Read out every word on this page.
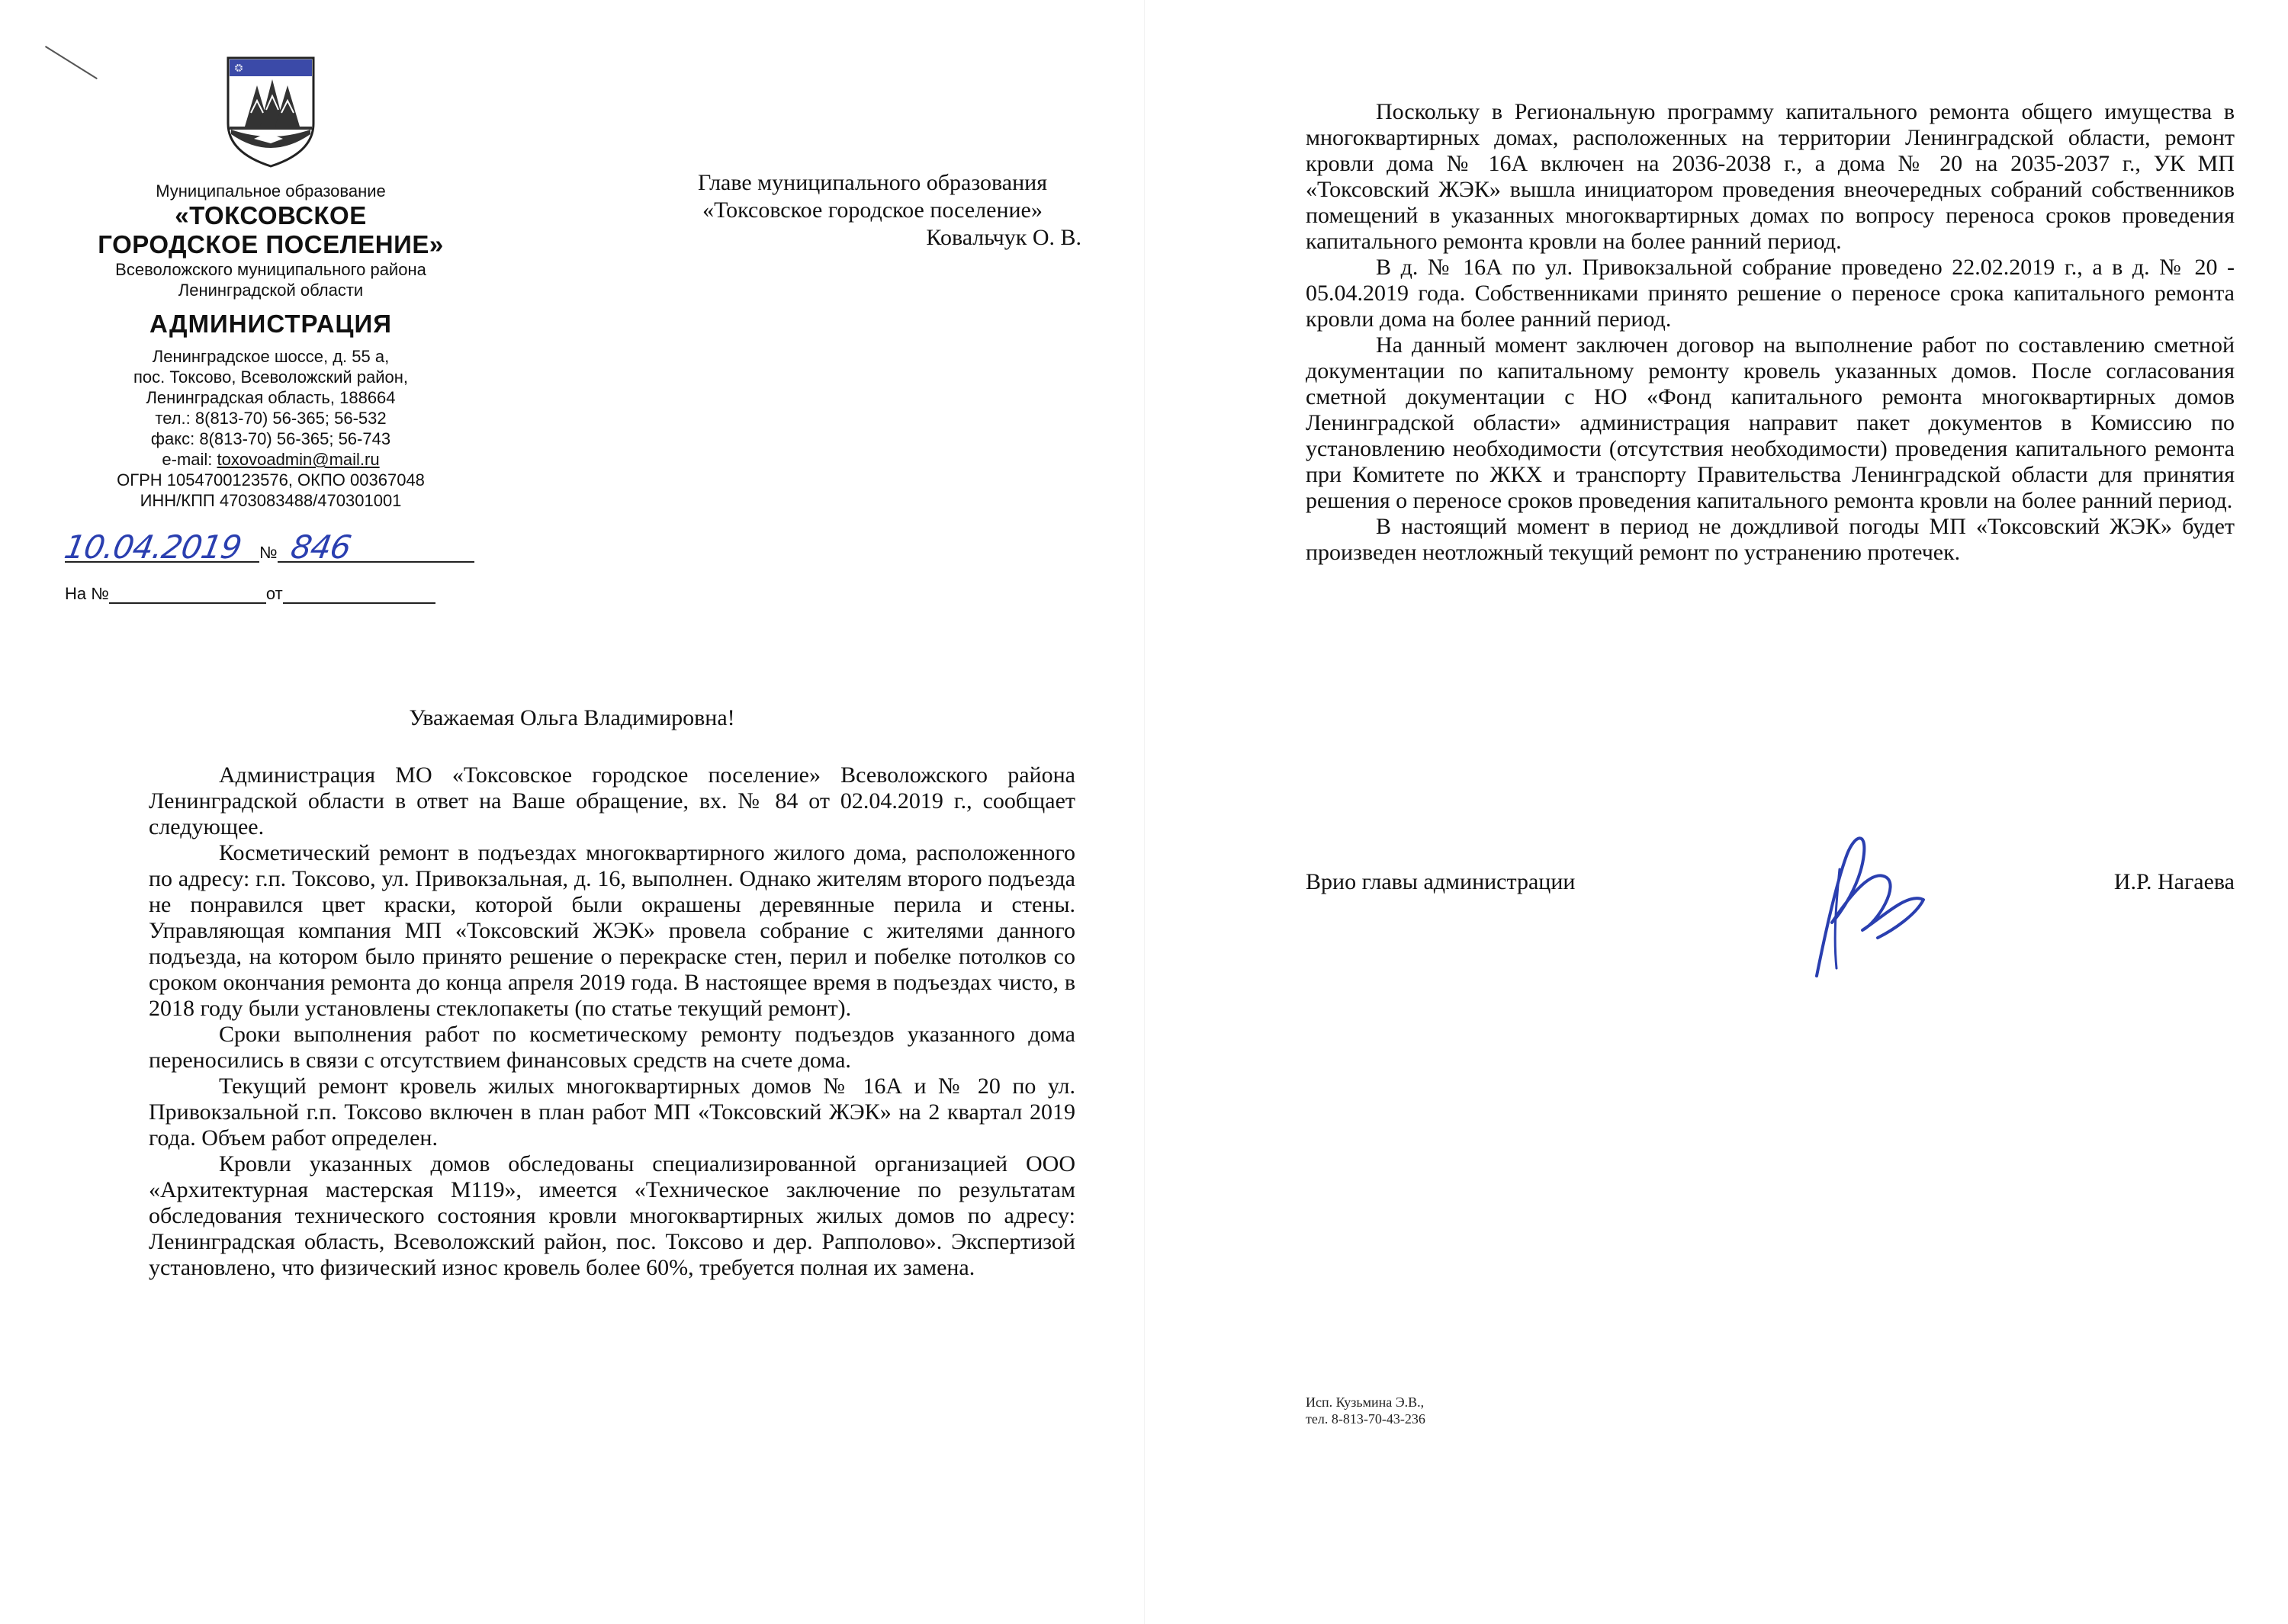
Муниципальное образование
«ТОКСОВСКОЕ
ГОРОДСКОЕ ПОСЕЛЕНИЕ»
Всеволожского муниципального района
Ленинградской области
АДМИНИСТРАЦИЯ
Ленинградское шоссе, д. 55 а,
пос. Токсово, Всеволожский район,
Ленинградская область, 188664
тел.: 8(813-70) 56-365; 56-532
факс: 8(813-70) 56-365; 56-743
e-mail: toxovoadmin@mail.ru
ОГРН 1054700123576, ОКПО 00367048
ИНН/КПП 4703083488/470301001
10.04.2019 № 846
На №	от
Главе муниципального образования
«Токсовское городское поселение»
Ковальчук О. В.
Уважаемая Ольга Владимировна!

Администрация МО «Токсовское городское поселение» Всеволожского района Ленинградской области в ответ на Ваше обращение, вх. № 84 от 02.04.2019 г., сообщает следующее.

Косметический ремонт в подъездах многоквартирного жилого дома, расположенного по адресу: г.п. Токсово, ул. Привокзальная, д. 16, выполнен. Однако жителям второго подъезда не понравился цвет краски, которой были окрашены деревянные перила и стены. Управляющая компания МП «Токсовский ЖЭК» провела собрание с жителями данного подъезда, на котором было принято решение о перекраске стен, перил и побелке потолков со сроком окончания ремонта до конца апреля 2019 года. В настоящее время в подъездах чисто, в 2018 году были установлены стеклопакеты (по статье текущий ремонт).

Сроки выполнения работ по косметическому ремонту подъездов указанного дома переносились в связи с отсутствием финансовых средств на счете дома.

Текущий ремонт кровель жилых многоквартирных домов № 16А и № 20 по ул. Привокзальной г.п. Токсово включен в план работ МП «Токсовский ЖЭК» на 2 квартал 2019 года. Объем работ определен.

Кровли указанных домов обследованы специализированной организацией ООО «Архитектурная мастерская М119», имеется «Техническое заключение по результатам обследования технического состояния кровли многоквартирных жилых домов по адресу: Ленинградская область, Всеволожский район, пос. Токсово и дер. Рапполово». Экспертизой установлено, что физический износ кровель более 60%, требуется полная их замена.

Поскольку в Региональную программу капитального ремонта общего имущества в многоквартирных домах, расположенных на территории Ленинградской области, ремонт кровли дома № 16А включен на 2036-2038 г., а дома № 20 на 2035-2037 г., УК МП «Токсовский ЖЭК» вышла инициатором проведения внеочередных собраний собственников помещений в указанных многоквартирных домах по вопросу переноса сроков проведения капитального ремонта кровли на более ранний период.

В д. № 16А по ул. Привокзальной собрание проведено 22.02.2019 г., а в д. № 20 - 05.04.2019 года. Собственниками принято решение о переносе срока капитального ремонта кровли дома на более ранний период.

На данный момент заключен договор на выполнение работ по составлению сметной документации по капитальному ремонту кровель указанных домов. После согласования сметной документации с НО «Фонд капитального ремонта многоквартирных домов Ленинградской области» администрация направит пакет документов в Комиссию по установлению необходимости (отсутствия необходимости) проведения капитального ремонта при Комитете по ЖКХ и транспорту Правительства Ленинградской области для принятия решения о переносе сроков проведения капитального ремонта кровли на более ранний период.

В настоящий момент в период не дождливой погоды МП «Токсовский ЖЭК» будет произведен неотложный текущий ремонт по устранению протечек.

Врио главы администрации	И.Р. Нагаева
Исп. Кузьмина Э.В.,
тел. 8-813-70-43-236
